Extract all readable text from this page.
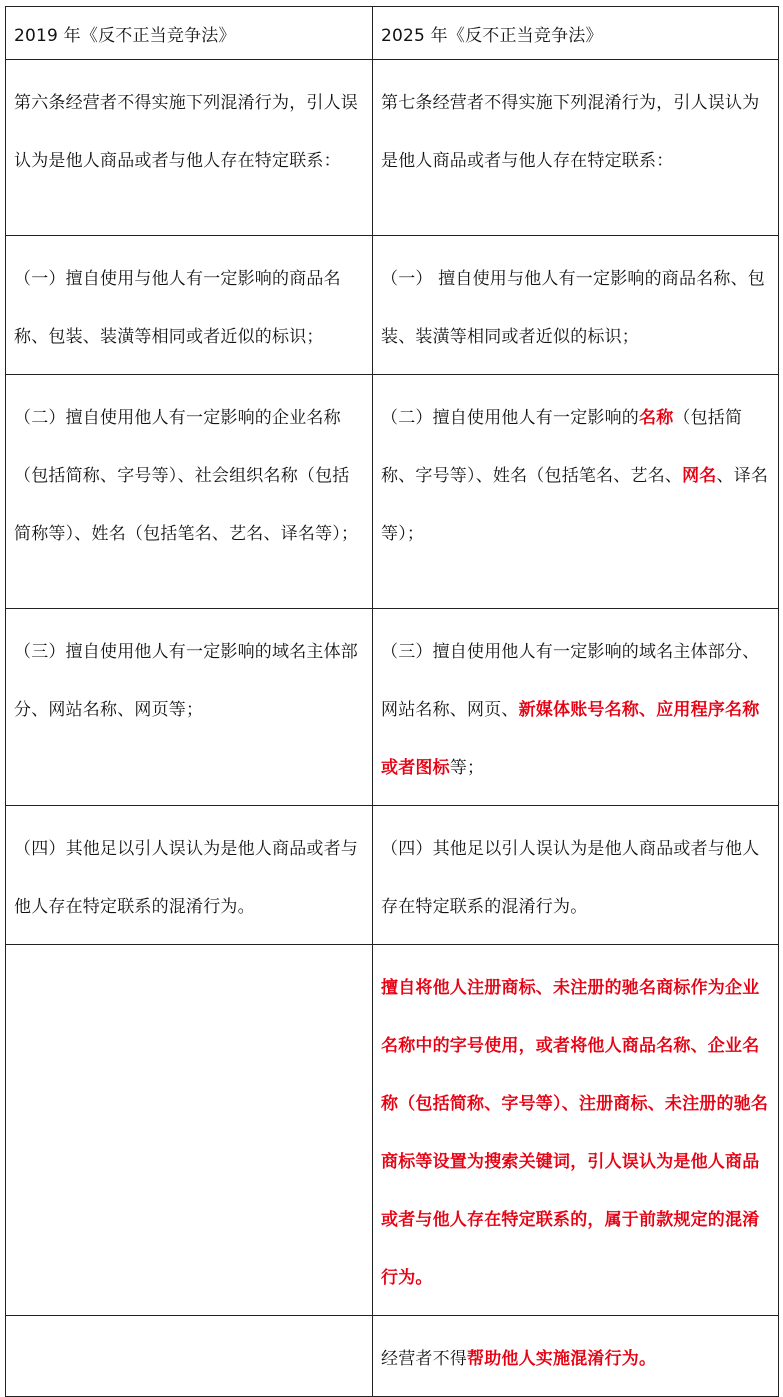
2019 年《反不正当竞争法》	2025 年《反不正当竞争法》
第六条经营者不得实施下列混淆行为，引人误认为是他人商品或者与他人存在特定联系：	第七条经营者不得实施下列混淆行为，引人误认为是他人商品或者与他人存在特定联系：
（一）擅自使用与他人有一定影响的商品名称、包装、装潢等相同或者近似的标识；	（一） 擅自使用与他人有一定影响的商品名称、包装、装潢等相同或者近似的标识；
（二）擅自使用他人有一定影响的企业名称（包括简称、字号等）、社会组织名称（包括简称等）、姓名（包括笔名、艺名、译名等）；	（二）擅自使用他人有一定影响的名称（包括简称、字号等）、姓名（包括笔名、艺名、网名、译名等）；
（三）擅自使用他人有一定影响的域名主体部分、网站名称、网页等；	（三）擅自使用他人有一定影响的域名主体部分、网站名称、网页、新媒体账号名称、应用程序名称或者图标等；
（四）其他足以引人误认为是他人商品或者与他人存在特定联系的混淆行为。	（四）其他足以引人误认为是他人商品或者与他人存在特定联系的混淆行为。
	擅自将他人注册商标、未注册的驰名商标作为企业名称中的字号使用，或者将他人商品名称、企业名称（包括简称、字号等）、注册商标、未注册的驰名商标等设置为搜索关键词，引人误认为是他人商品或者与他人存在特定联系的，属于前款规定的混淆行为。
	经营者不得帮助他人实施混淆行为。
